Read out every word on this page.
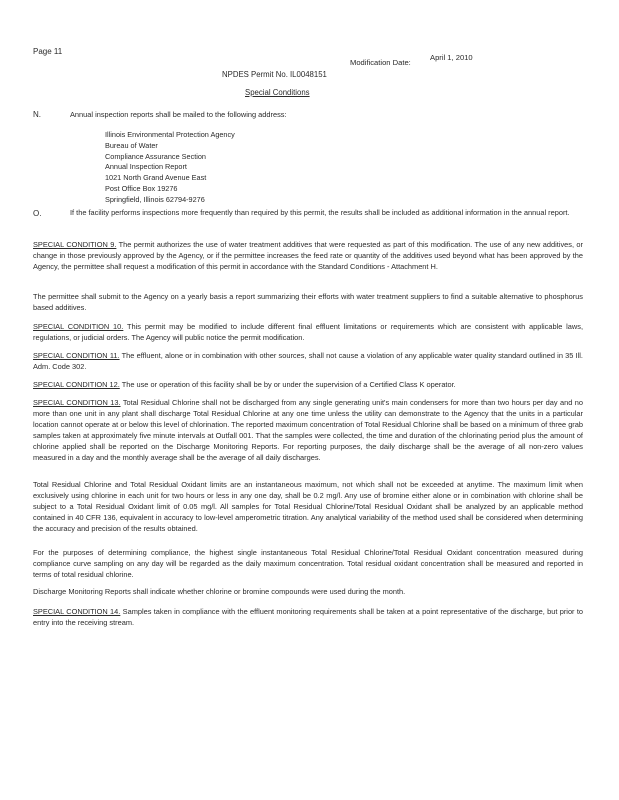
Page 11

Modification Date:

April 1, 2010

NPDES Permit No. IL0048151

Special Conditions

N.	Annual inspection reports shall be mailed to the following address:

Illinois Environmental Protection Agency
Bureau of Water
Compliance Assurance Section
Annual Inspection Report
1021 North Grand Avenue East
Post Office Box 19276
Springfield, Illinois 62794-9276

O.	If the facility performs inspections more frequently than required by this permit, the results shall be included as additional information in the annual report.

SPECIAL CONDITION 9. The permit authorizes the use of water treatment additives that were requested as part of this modification. The use of any new additives, or change in those previously approved by the Agency, or if the permittee increases the feed rate or quantity of the additives used beyond what has been approved by the Agency, the permittee shall request a modification of this permit in accordance with the Standard Conditions - Attachment H.

The permittee shall submit to the Agency on a yearly basis a report summarizing their efforts with water treatment suppliers to find a suitable alternative to phosphorus based additives.

SPECIAL CONDITION 10. This permit may be modified to include different final effluent limitations or requirements which are consistent with applicable laws, regulations, or judicial orders. The Agency will public notice the permit modification.

SPECIAL CONDITION 11. The effluent, alone or in combination with other sources, shall not cause a violation of any applicable water quality standard outlined in 35 Ill. Adm. Code 302.

SPECIAL CONDITION 12. The use or operation of this facility shall be by or under the supervision of a Certified Class K operator.

SPECIAL CONDITION 13. Total Residual Chlorine shall not be discharged from any single generating unit's main condensers for more than two hours per day and no more than one unit in any plant shall discharge Total Residual Chlorine at any one time unless the utility can demonstrate to the Agency that the units in a particular location cannot operate at or below this level of chlorination. The reported maximum concentration of Total Residual Chlorine shall be based on a minimum of three grab samples taken at approximately five minute intervals at Outfall 001. That the samples were collected, the time and duration of the chlorinating period plus the amount of chlorine applied shall be reported on the Discharge Monitoring Reports. For reporting purposes, the daily discharge shall be the average of all non-zero values measured in a day and the monthly average shall be the average of all daily discharges.

Total Residual Chlorine and Total Residual Oxidant limits are an instantaneous maximum, not which shall not be exceeded at anytime. The maximum limit when exclusively using chlorine in each unit for two hours or less in any one day, shall be 0.2 mg/l. Any use of bromine either alone or in combination with chlorine shall be subject to a Total Residual Oxidant limit of 0.05 mg/l. All samples for Total Residual Chlorine/Total Residual Oxidant shall be analyzed by an applicable method contained in 40 CFR 136, equivalent in accuracy to low-level amperometric titration. Any analytical variability of the method used shall be considered when determining the accuracy and precision of the results obtained.

For the purposes of determining compliance, the highest single instantaneous Total Residual Chlorine/Total Residual Oxidant concentration measured during compliance curve sampling on any day will be regarded as the daily maximum concentration. Total residual oxidant concentration shall be measured and reported in terms of total residual chlorine.

Discharge Monitoring Reports shall indicate whether chlorine or bromine compounds were used during the month.

SPECIAL CONDITION 14. Samples taken in compliance with the effluent monitoring requirements shall be taken at a point representative of the discharge, but prior to entry into the receiving stream.
